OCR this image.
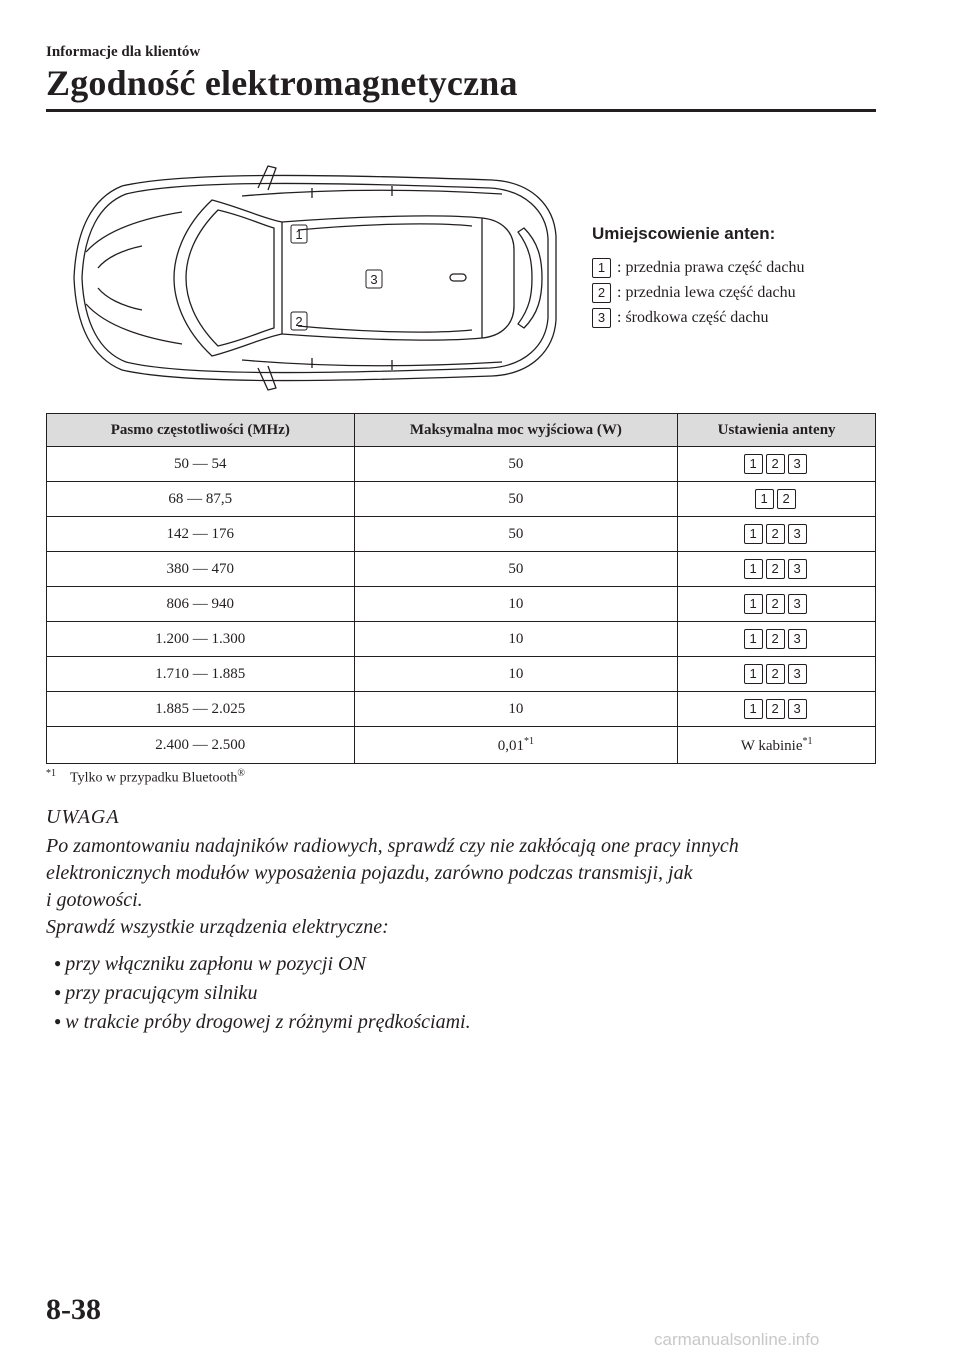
Informacje dla klientów
Zgodność elektromagnetyczna
1
2
3
Umiejscowienie anten:
1 : przednia prawa część dachu
2 : przednia lewa część dachu
3 : środkowa część dachu
Pasmo częstotliwości (MHz)	Maksymalna moc wyjściowa (W)	Ustawienia anteny
50 ― 54	50	1 2 3
68 ― 87,5	50	1 2
142 ― 176	50	1 2 3
380 ― 470	50	1 2 3
806 ― 940	10	1 2 3
1.200 ― 1.300	10	1 2 3
1.710 ― 1.885	10	1 2 3
1.885 ― 2.025	10	1 2 3
2.400 ― 2.500	0,01$^{*1}$	W kabinie$^{*1}$
$^{*1}$ Tylko w przypadku Bluetooth®
UWAGA
Po zamontowaniu nadajników radiowych, sprawdź czy nie zakłócają one pracy innych
elektronicznych modułów wyposażenia pojazdu, zarówno podczas transmisji, jak
i gotowości.
Sprawdź wszystkie urządzenia elektryczne:
● przy włączniku zapłonu w pozycji ON
● przy pracującym silniku
● w trakcie próby drogowej z różnymi prędkościami.
8-38
carmanualsonline.info
